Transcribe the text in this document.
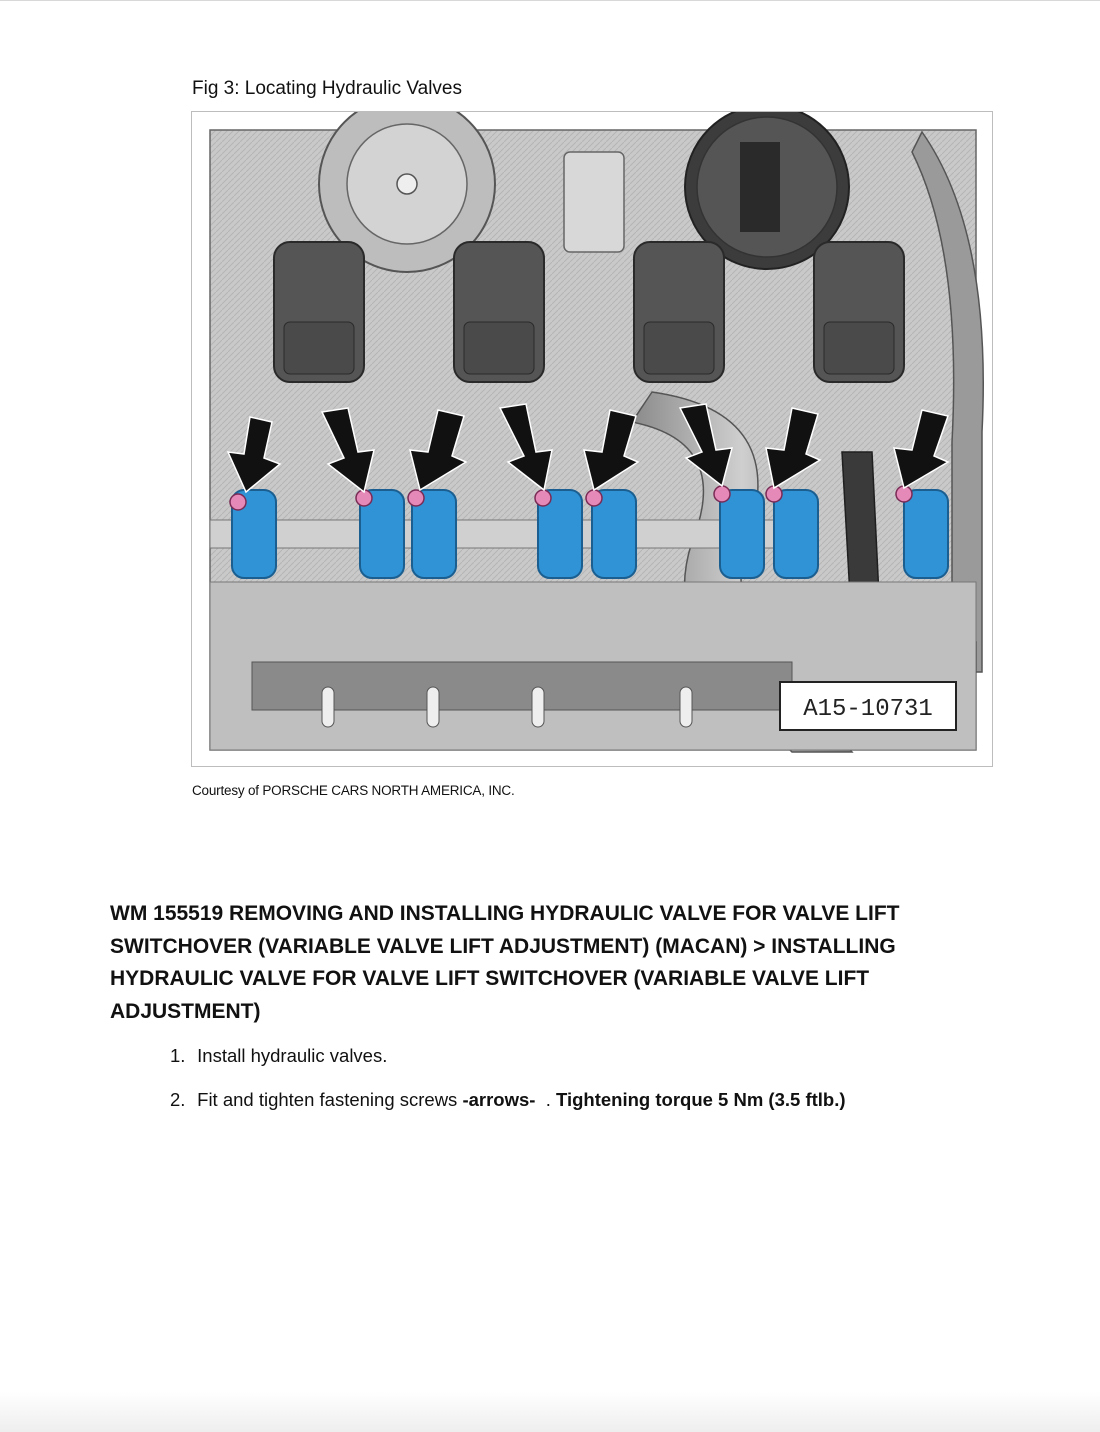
Fig 3: Locating Hydraulic Valves
A15-10731
Courtesy of PORSCHE CARS NORTH AMERICA, INC.
WM 155519 REMOVING AND INSTALLING HYDRAULIC VALVE FOR VALVE LIFT SWITCHOVER (VARIABLE VALVE LIFT ADJUSTMENT) (MACAN) > INSTALLING HYDRAULIC VALVE FOR VALVE LIFT SWITCHOVER (VARIABLE VALVE LIFT ADJUSTMENT)
1. Install hydraulic valves.
2. Fit and tighten fastening screws -arrows-  . Tightening torque 5 Nm (3.5 ftlb.)
